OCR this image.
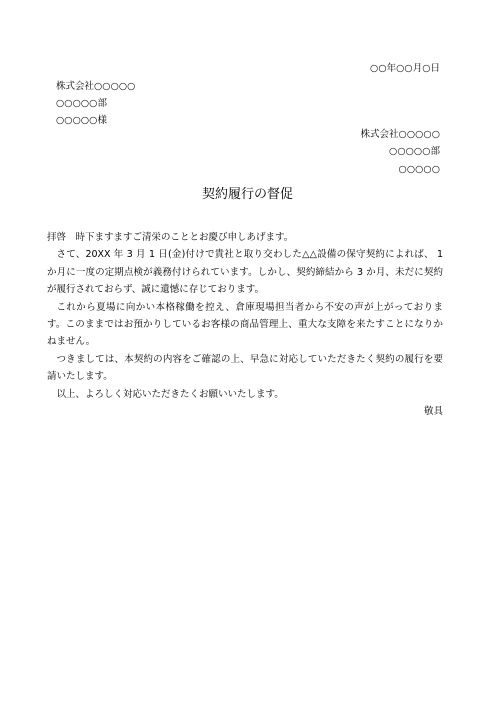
○○年○○月○日
株式会社○○○○○
○○○○○部
○○○○○様
株式会社○○○○○
○○○○○部
○○○○○
契約履行の督促

拝啓　時下ますますご清栄のこととお慶び申しあげます。

さて、20XX 年 3 月 1 日(金)付けで貴社と取り交わした△△設備の保守契約によれば、 1 か月に一度の定期点検が義務付けられています。しかし、契約締結から 3 か月、未だに契約が履行されておらず、誠に遺憾に存じております。

これから夏場に向かい本格稼働を控え、倉庫現場担当者から不安の声が上がっております。このままではお預かりしているお客様の商品管理上、重大な支障を来たすことになりかねません。

つきましては、本契約の内容をご確認の上、早急に対応していただきたく契約の履行を要請いたします。

以上、よろしく対応いただきたくお願いいたします。

敬具
